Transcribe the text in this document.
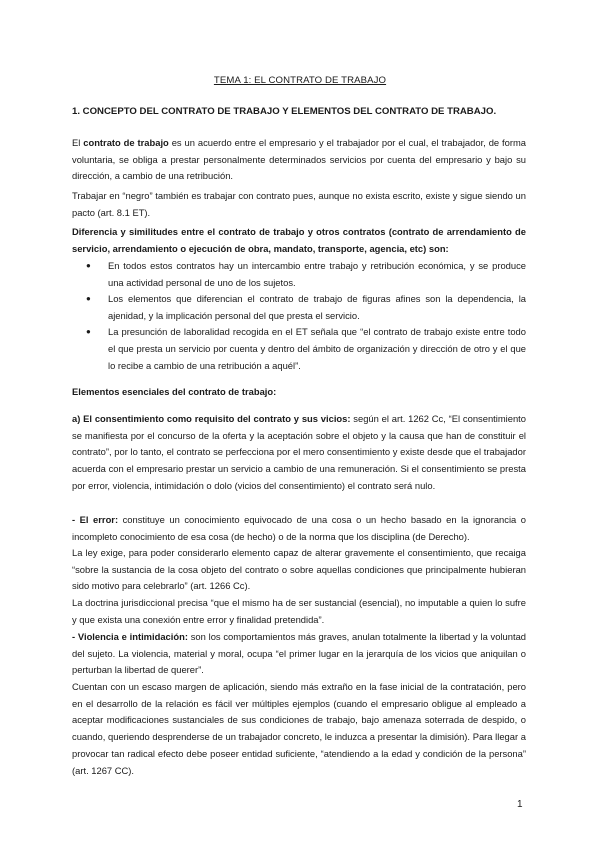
TEMA 1: EL CONTRATO DE TRABAJO
1. CONCEPTO DEL CONTRATO DE TRABAJO Y ELEMENTOS DEL CONTRATO DE TRABAJO.

El contrato de trabajo es un acuerdo entre el empresario y el trabajador por el cual, el trabajador, de forma voluntaria, se obliga a prestar personalmente determinados servicios por cuenta del empresario y bajo su dirección, a cambio de una retribución.

Trabajar en “negro” también es trabajar con contrato pues, aunque no exista escrito, existe y sigue siendo un pacto (art. 8.1 ET).

Diferencia y similitudes entre el contrato de trabajo y otros contratos (contrato de arrendamiento de servicio, arrendamiento o ejecución de obra, mandato, transporte, agencia, etc) son:

● En todos estos contratos hay un intercambio entre trabajo y retribución económica, y se produce una actividad personal de uno de los sujetos.
● Los elementos que diferencian el contrato de trabajo de figuras afines son la dependencia, la ajenidad, y la implicación personal del que presta el servicio.
● La presunción de laboralidad recogida en el ET señala que “el contrato de trabajo existe entre todo el que presta un servicio por cuenta y dentro del ámbito de organización y dirección de otro y el que lo recibe a cambio de una retribución a aquél”.

Elementos esenciales del contrato de trabajo:

a) El consentimiento como requisito del contrato y sus vicios: según el art. 1262 Cc, “El consentimiento se manifiesta por el concurso de la oferta y la aceptación sobre el objeto y la causa que han de constituir el contrato”, por lo tanto, el contrato se perfecciona por el mero consentimiento y existe desde que el trabajador acuerda con el empresario prestar un servicio a cambio de una remuneración. Si el consentimiento se presta por error, violencia, intimidación o dolo (vicios del consentimiento) el contrato será nulo.

- El error: constituye un conocimiento equivocado de una cosa o un hecho basado en la ignorancia o incompleto conocimiento de esa cosa (de hecho) o de la norma que los disciplina (de Derecho).

La ley exige, para poder considerarlo elemento capaz de alterar gravemente el consentimiento, que recaiga “sobre la sustancia de la cosa objeto del contrato o sobre aquellas condiciones que principalmente hubieran sido motivo para celebrarlo” (art. 1266 Cc).

La doctrina jurisdiccional precisa “que el mismo ha de ser sustancial (esencial), no imputable a quien lo sufre y que exista una conexión entre error y finalidad pretendida”.

- Violencia e intimidación: son los comportamientos más graves, anulan totalmente la libertad y la voluntad del sujeto. La violencia, material y moral, ocupa “el primer lugar en la jerarquía de los vicios que aniquilan o perturban la libertad de querer”.

Cuentan con un escaso margen de aplicación, siendo más extraño en la fase inicial de la contratación, pero en el desarrollo de la relación es fácil ver múltiples ejemplos (cuando el empresario obligue al empleado a aceptar modificaciones sustanciales de sus condiciones de trabajo, bajo amenaza soterrada de despido, o cuando, queriendo desprenderse de un trabajador concreto, le induzca a presentar la dimisión). Para llegar a provocar tan radical efecto debe poseer entidad suficiente, “atendiendo a la edad y condición de la persona” (art. 1267 CC).

1
